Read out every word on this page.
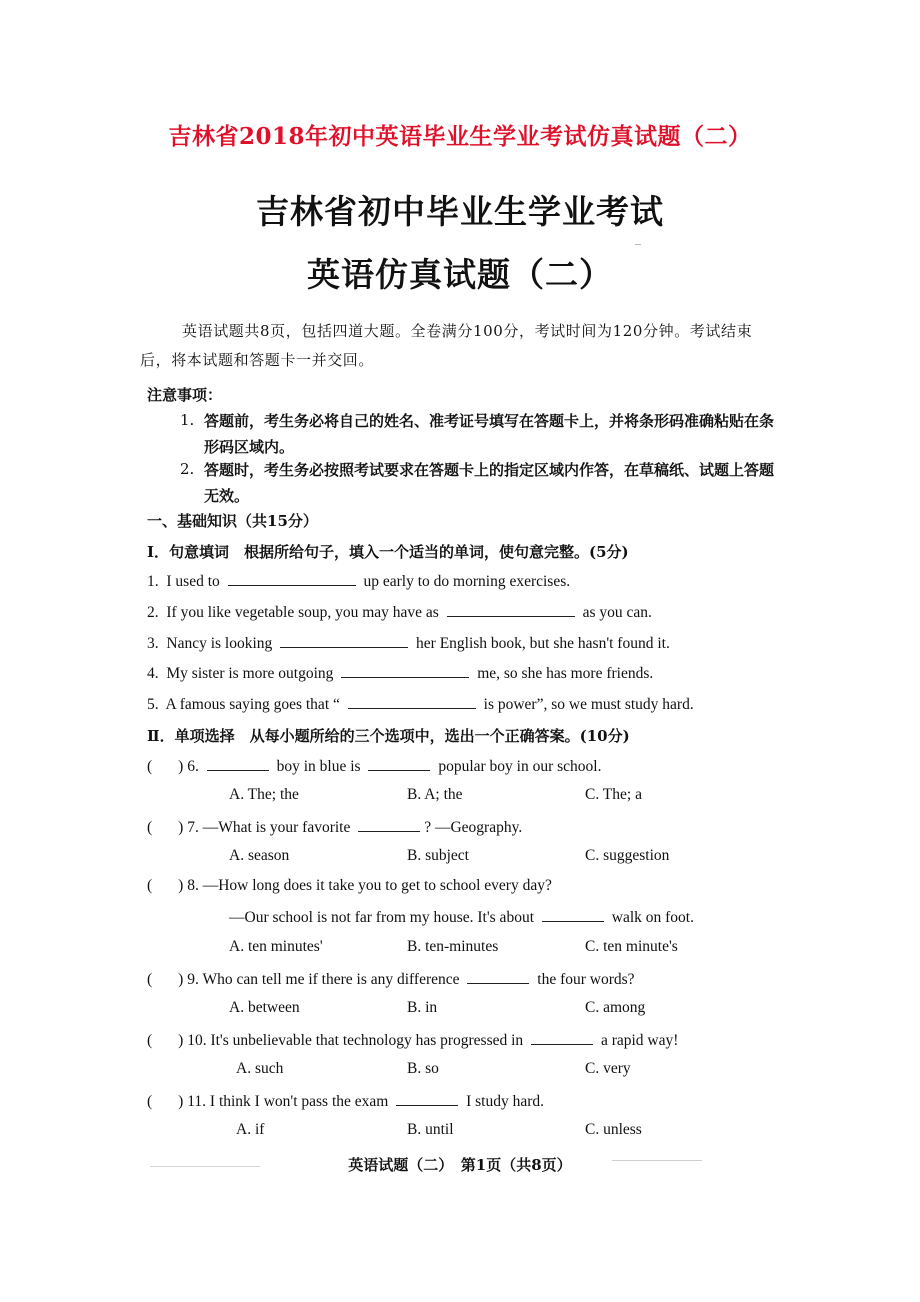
吉林省2018年初中英语毕业生学业考试仿真试题（二）
吉林省初中毕业生学业考试
英语仿真试题（二）
英语试题共8页，包括四道大题。全卷满分100分，考试时间为120分钟。考试结束后，将本试题和答题卡一并交回。
注意事项：
1. 答题前，考生务必将自己的姓名、准考证号填写在答题卡上，并将条形码准确粘贴在条形码区域内。
2. 答题时，考生务必按照考试要求在答题卡上的指定区域内作答，在草稿纸、试题上答题无效。
一、基础知识（共15分）
Ⅰ．句意填词　根据所给句子，填入一个适当的单词，使句意完整。(5分)
1. I used to	up early to do morning exercises.
2. If you like vegetable soup, you may have as	as you can.
3. Nancy is looking	her English book, but she hasn't found it.
4. My sister is more outgoing	me, so she has more friends.
5. A famous saying goes that “	is power”, so we must study hard.
Ⅱ．单项选择　从每小题所给的三个选项中，选出一个正确答案。(10分)
( ) 6.	boy in blue is	popular boy in our school.
A. The; the	B. A; the	C. The; a
( ) 7. —What is your favorite	? —Geography.
A. season	B. subject	C. suggestion
( ) 8. —How long does it take you to get to school every day?
—Our school is not far from my house. It's about	walk on foot.
A. ten minutes'	B. ten-minutes	C. ten minute's
( ) 9. Who can tell me if there is any difference	the four words?
A. between	B. in	C. among
( ) 10. It's unbelievable that technology has progressed in	a rapid way!
A. such	B. so	C. very
( ) 11. I think I won't pass the exam	I study hard.
A. if	B. until	C. unless
英语试题（二）　第1页（共8页）
